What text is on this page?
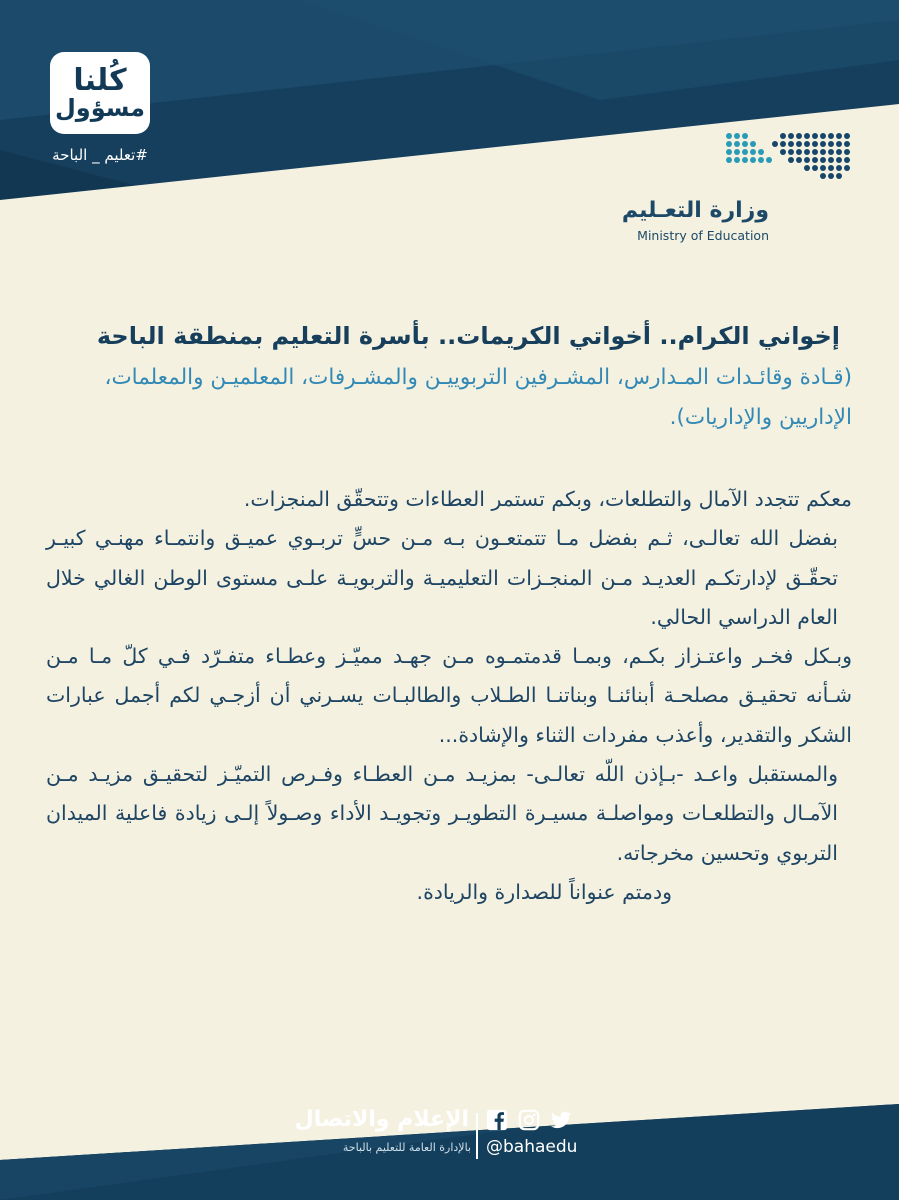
كُلنا
مسؤول
#تعليم _ الباحة
وزارة التعـليم
Ministry of Education

إخواني الكرام.. أخواتي الكريمات.. بأسرة التعليم بمنطقة الباحة

(قـادة وقائـدات المـدارس، المشـرفين التربوييـن والمشـرفات، المعلميـن والمعلمات، الإداريين والإداريات).

معكم تتجدد الآمال والتطلعات، وبكم تستمر العطاءات وتتحقّق المنجزات.

بفضل الله تعالـى، ثـم بفضل مـا تتمتعـون بـه مـن حسٍّ تربـوي عميـق وانتمـاء مهنـي كبيـر تحقّـق لإدارتكـم العديـد مـن المنجـزات التعليميـة والتربويـة علـى مستوى الوطن الغالي خلال العام الدراسي الحالي.

وبـكل فخـر واعتـزاز بكـم، وبمـا قدمتمـوه مـن جهـد مميّـز وعطـاء متفـرّد فـي كلّ مـا مـن شـأنه تحقيـق مصلحـة أبنائنـا وبناتنـا الطـلاب والطالبـات يسـرني أن أزجـي لكم أجمل عبارات الشكر والتقدير، وأعذب مفردات الثناء والإشادة...

والمستقبل واعـد -بـإذن اللّه تعالـى- بمزيـد مـن العطـاء وفـرص التميّـز لتحقيـق مزيـد مـن الآمـال والتطلعـات ومواصلـة مسيـرة التطويـر وتجويـد الأداء وصـولاً إلـى زيادة فاعلية الميدان التربوي وتحسين مخرجاته.

ودمتم عنواناً للصدارة والريادة.

@bahaedu
الإعلام والاتصال
بالإدارة العامة للتعليم بالباحة
